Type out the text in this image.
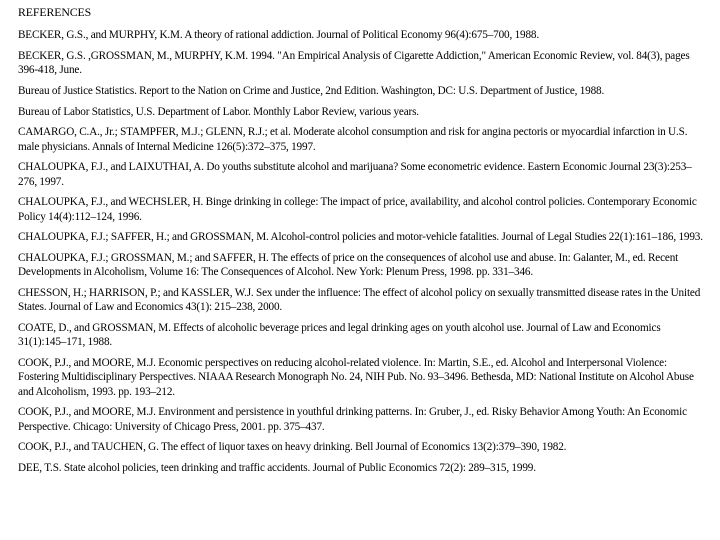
REFERENCES
BECKER, G.S., and MURPHY, K.M. A theory of rational addiction. Journal of Political Economy 96(4):675–700, 1988.
BECKER, G.S. ,GROSSMAN, M., MURPHY, K.M. 1994. "An Empirical Analysis of Cigarette Addiction," American Economic Review, vol. 84(3), pages 396-418, June.
Bureau of Justice Statistics. Report to the Nation on Crime and Justice, 2nd Edition. Washington, DC: U.S. Department of Justice, 1988.
Bureau of Labor Statistics, U.S. Department of Labor. Monthly Labor Review, various years.
CAMARGO, C.A., Jr.; STAMPFER, M.J.; GLENN, R.J.; et al. Moderate alcohol consumption and risk for angina pectoris or myocardial infarction in U.S. male physicians. Annals of Internal Medicine 126(5):372–375, 1997.
CHALOUPKA, F.J., and LAIXUTHAI, A. Do youths substitute alcohol and marijuana? Some econometric evidence. Eastern Economic Journal 23(3):253– 276, 1997.
CHALOUPKA, F.J., and WECHSLER, H. Binge drinking in college: The impact of price, availability, and alcohol control policies. Contemporary Economic Policy 14(4):112–124, 1996.
CHALOUPKA, F.J.; SAFFER, H.; and GROSSMAN, M. Alcohol-control policies and motor-vehicle fatalities. Journal of Legal Studies 22(1):161–186, 1993.
CHALOUPKA, F.J.; GROSSMAN, M.; and SAFFER, H. The effects of price on the consequences of alcohol use and abuse. In: Galanter, M., ed. Recent Developments in Alcoholism, Volume 16: The Consequences of Alcohol. New York: Plenum Press, 1998. pp. 331–346.
CHESSON, H.; HARRISON, P.; and KASSLER, W.J. Sex under the influence: The effect of alcohol policy on sexually transmitted disease rates in the United States. Journal of Law and Economics 43(1): 215–238, 2000.
COATE, D., and GROSSMAN, M. Effects of alcoholic beverage prices and legal drinking ages on youth alcohol use. Journal of Law and Economics 31(1):145–171, 1988.
COOK, P.J., and MOORE, M.J. Economic perspectives on reducing alcohol-related violence. In: Martin, S.E., ed. Alcohol and Interpersonal Violence: Fostering Multidisciplinary Perspectives. NIAAA Research Monograph No. 24, NIH Pub. No. 93–3496. Bethesda, MD: National Institute on Alcohol Abuse and Alcoholism, 1993. pp. 193–212.
COOK, P.J., and MOORE, M.J. Environment and persistence in youthful drinking patterns. In: Gruber, J., ed. Risky Behavior Among Youth: An Economic Perspective. Chicago: University of Chicago Press, 2001. pp. 375–437.
COOK, P.J., and TAUCHEN, G. The effect of liquor taxes on heavy drinking. Bell Journal of Economics 13(2):379–390, 1982.
DEE, T.S. State alcohol policies, teen drinking and traffic accidents. Journal of Public Economics 72(2): 289–315, 1999.
